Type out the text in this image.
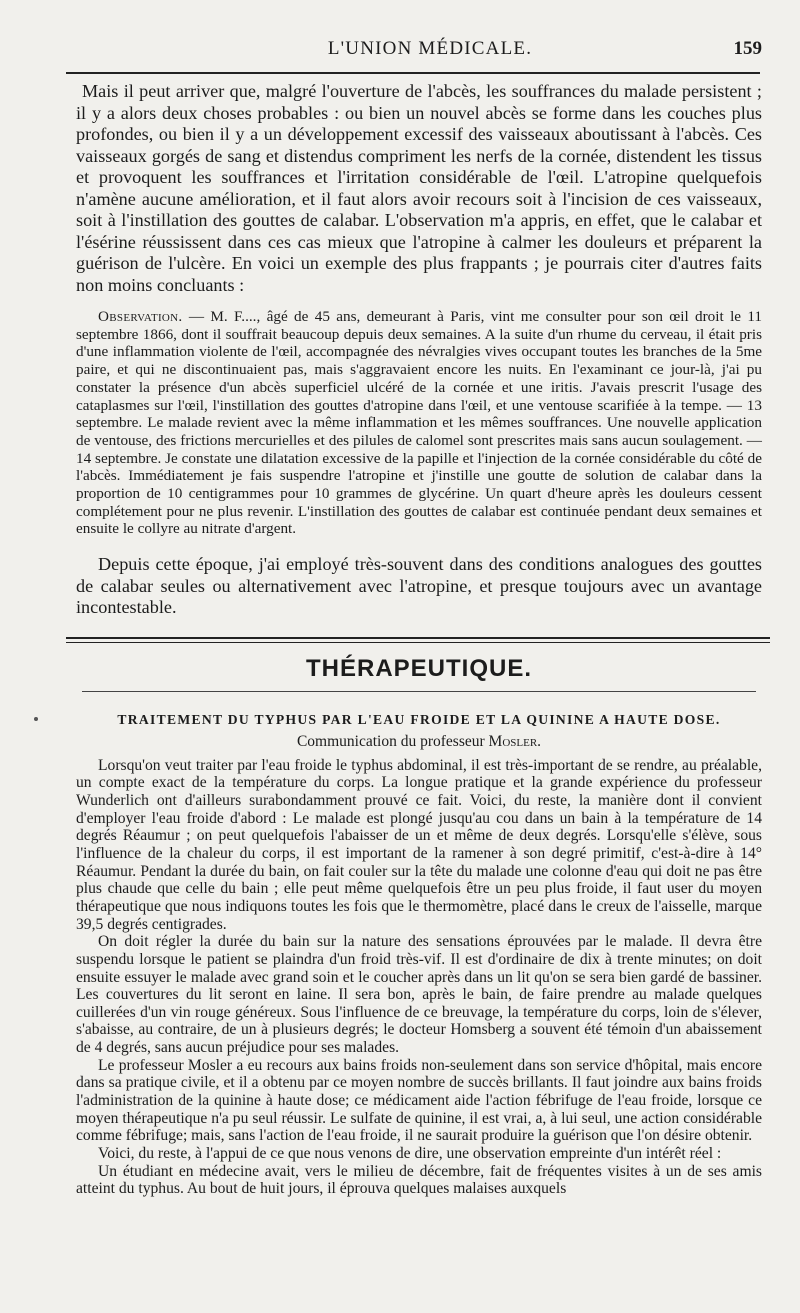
L'UNION MÉDICALE.	159

Mais il peut arriver que, malgré l'ouverture de l'abcès, les souffrances du malade persistent ; il y a alors deux choses probables : ou bien un nouvel abcès se forme dans les couches plus profondes, ou bien il y a un développement excessif des vaisseaux aboutissant à l'abcès. Ces vaisseaux gorgés de sang et distendus compriment les nerfs de la cornée, distendent les tissus et provoquent les souffrances et l'irritation considérable de l'œil. L'atropine quelquefois n'amène aucune amélioration, et il faut alors avoir recours soit à l'incision de ces vaisseaux, soit à l'instillation des gouttes de calabar. L'observation m'a appris, en effet, que le calabar et l'ésérine réussissent dans ces cas mieux que l'atropine à calmer les douleurs et préparent la guérison de l'ulcère. En voici un exemple des plus frappants ; je pourrais citer d'autres faits non moins concluants :

Observation. — M. F...., âgé de 45 ans, demeurant à Paris, vint me consulter pour son œil droit le 11 septembre 1866, dont il souffrait beaucoup depuis deux semaines. A la suite d'un rhume du cerveau, il était pris d'une inflammation violente de l'œil, accompagnée des névralgies vives occupant toutes les branches de la 5me paire, et qui ne discontinuaient pas, mais s'aggravaient encore les nuits. En l'examinant ce jour-là, j'ai pu constater la présence d'un abcès superficiel ulcéré de la cornée et une iritis. J'avais prescrit l'usage des cataplasmes sur l'œil, l'instillation des gouttes d'atropine dans l'œil, et une ventouse scarifiée à la tempe. — 13 septembre. Le malade revient avec la même inflammation et les mêmes souffrances. Une nouvelle application de ventouse, des frictions mercurielles et des pilules de calomel sont prescrites mais sans aucun soulagement. — 14 septembre. Je constate une dilatation excessive de la papille et l'injection de la cornée considérable du côté de l'abcès. Immédiatement je fais suspendre l'atropine et j'instille une goutte de solution de calabar dans la proportion de 10 centigrammes pour 10 grammes de glycérine. Un quart d'heure après les douleurs cessent complétement pour ne plus revenir. L'instillation des gouttes de calabar est continuée pendant deux semaines et ensuite le collyre au nitrate d'argent.

Depuis cette époque, j'ai employé très-souvent dans des conditions analogues des gouttes de calabar seules ou alternativement avec l'atropine, et presque toujours avec un avantage incontestable.

THÉRAPEUTIQUE.
TRAITEMENT DU TYPHUS PAR L'EAU FROIDE ET LA QUININE A HAUTE DOSE.
Communication du professeur Mosler.

Lorsqu'on veut traiter par l'eau froide le typhus abdominal, il est très-important de se rendre, au préalable, un compte exact de la température du corps. La longue pratique et la grande expérience du professeur Wunderlich ont d'ailleurs surabondamment prouvé ce fait. Voici, du reste, la manière dont il convient d'employer l'eau froide d'abord : Le malade est plongé jusqu'au cou dans un bain à la température de 14 degrés Réaumur ; on peut quelquefois l'abaisser de un et même de deux degrés. Lorsqu'elle s'élève, sous l'influence de la chaleur du corps, il est important de la ramener à son degré primitif, c'est-à-dire à 14° Réaumur. Pendant la durée du bain, on fait couler sur la tête du malade une colonne d'eau qui doit ne pas être plus chaude que celle du bain ; elle peut même quelquefois être un peu plus froide, il faut user du moyen thérapeutique que nous indiquons toutes les fois que le thermomètre, placé dans le creux de l'aisselle, marque 39,5 degrés centigrades.

On doit régler la durée du bain sur la nature des sensations éprouvées par le malade. Il devra être suspendu lorsque le patient se plaindra d'un froid très-vif. Il est d'ordinaire de dix à trente minutes; on doit ensuite essuyer le malade avec grand soin et le coucher après dans un lit qu'on se sera bien gardé de bassiner. Les couvertures du lit seront en laine. Il sera bon, après le bain, de faire prendre au malade quelques cuillerées d'un vin rouge généreux. Sous l'influence de ce breuvage, la température du corps, loin de s'élever, s'abaisse, au contraire, de un à plusieurs degrés; le docteur Homsberg a souvent été témoin d'un abaissement de 4 degrés, sans aucun préjudice pour ses malades.

Le professeur Mosler a eu recours aux bains froids non-seulement dans son service d'hôpital, mais encore dans sa pratique civile, et il a obtenu par ce moyen nombre de succès brillants. Il faut joindre aux bains froids l'administration de la quinine à haute dose; ce médicament aide l'action fébrifuge de l'eau froide, lorsque ce moyen thérapeutique n'a pu seul réussir. Le sulfate de quinine, il est vrai, a, à lui seul, une action considérable comme fébrifuge; mais, sans l'action de l'eau froide, il ne saurait produire la guérison que l'on désire obtenir.

Voici, du reste, à l'appui de ce que nous venons de dire, une observation empreinte d'un intérêt réel :

Un étudiant en médecine avait, vers le milieu de décembre, fait de fréquentes visites à un de ses amis atteint du typhus. Au bout de huit jours, il éprouva quelques malaises auxquels
